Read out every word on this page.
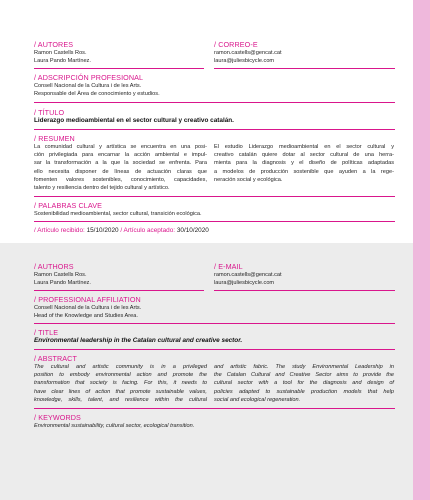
/ AUTORES
Ramon Castells Ros.
Laura Pando Martínez.
/ CORREO-E
ramon.castells@gencat.cat
laura@juliesbicycle.com
/ ADSCRIPCIÓN PROFESIONAL
Consell Nacional de la Cultura i de les Arts.
Responsable del Àrea de conocimiento y estudios.
/ TÍTULO
Liderazgo medioambiental en el sector cultural y creativo catalán.
/ RESUMEN
La comunidad cultural y artística se encuentra en una posi-
ción privilegiada para encarnar la acción ambiental e impul-
sar la transformación a la que la sociedad se enfrenta. Para
ello necesita disponer de líneas de actuación claras que
fomenten valores sostenibles, conocimiento, capacidades,
talento y resiliencia dentro del tejido cultural y artístico.
El estudio Liderazgo medioambiental en el sector cultural y
creativo catalán quiere dotar al sector cultural de una herra-
mienta para la diagnosis y el diseño de políticas adaptadas
a modelos de producción sostenible que ayuden a la rege-
neración social y ecológica.
/ PALABRAS CLAVE
Sostenibilidad medioambiental, sector cultural, transición ecológica.
/ Artículo recibido: 15/10/2020 / Artículo aceptado: 30/10/2020
/ AUTHORS
Ramon Castells Ros.
Laura Pando Martínez.
/ E-MAIL
ramon.castells@gencat.cat
laura@juliesbicycle.com
/ PROFESSIONAL AFFILIATION
Consell Nacional de la Cultura i de les Arts.
Head of the Knowledge and Studies Area.
/ TITLE
Environmental leadership in the Catalan cultural and creative sector.
/ ABSTRACT
The cultural and artistic community is in a privileged
position to embody environmental action and promote the
transformation that society is facing. For this, it needs to
have clear lines of action that promote sustainable values,
knowledge, skills, talent, and resilience within the cultural
and artistic fabric. The study Environmental Leadership in
the Catalan Cultural and Creative Sector aims to provide the
cultural sector with a tool for the diagnosis and design of
policies adapted to sustainable production models that help
social and ecological regeneration.
/ KEYWORDS
Environmental sustainability, cultural sector, ecological transition.
